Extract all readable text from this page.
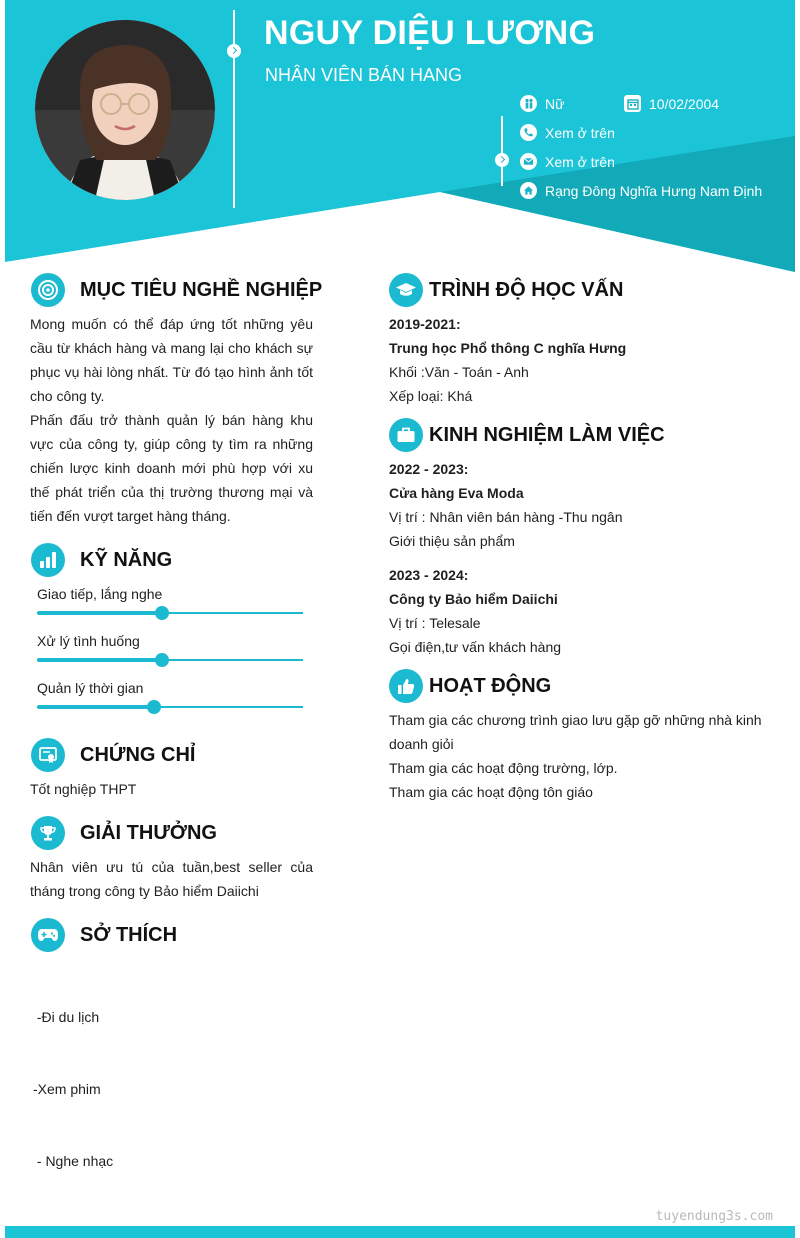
NGUY DIỆU LƯƠNG
NHÂN VIÊN BÁN HANG
Nữ	10/02/2004
Xem ở trên
Xem ở trên
Rạng Đông Nghĩa Hưng Nam Định
MỤC TIÊU NGHỀ NGHIỆP
Mong muốn có thể đáp ứng tốt những yêu cầu từ khách hàng và mang lại cho khách sự phục vụ hài lòng nhất. Từ đó tạo hình ảnh tốt cho công ty.
Phấn đấu trở thành quản lý bán hàng khu vực của công ty, giúp công ty tìm ra những chiến lược kinh doanh mới phù hợp với xu thế phát triển của thị trường thương mại và tiến đến vượt target hàng tháng.
KỸ NĂNG
Giao tiếp, lắng nghe
Xử lý tình huống
Quản lý thời gian
CHỨNG CHỈ
Tốt nghiệp THPT
GIẢI THƯỞNG
Nhân viên ưu tú của tuần,best seller của tháng trong công ty Bảo hiểm Daiichi
SỞ THÍCH

-Đi du lịch

-Xem phim

- Nghe nhạc

TRÌNH ĐỘ HỌC VẤN
2019-2021:
Trung học Phổ thông C nghĩa Hưng
Khối :Văn - Toán - Anh
Xếp loại: Khá
KINH NGHIỆM LÀM VIỆC
2022 - 2023:
Cửa hàng Eva Moda
Vị trí : Nhân viên bán hàng -Thu ngân
Giới thiệu sản phẩm
2023 - 2024:
Công ty Bảo hiểm Daiichi
Vị trí : Telesale
Gọi điện,tư vấn khách hàng
HOẠT ĐỘNG
Tham gia các chương trình giao lưu gặp gỡ những nhà kinh doanh giỏi
Tham gia các hoạt động trường, lớp.
Tham gia các hoạt động tôn giáo
tuyendung3s.com
